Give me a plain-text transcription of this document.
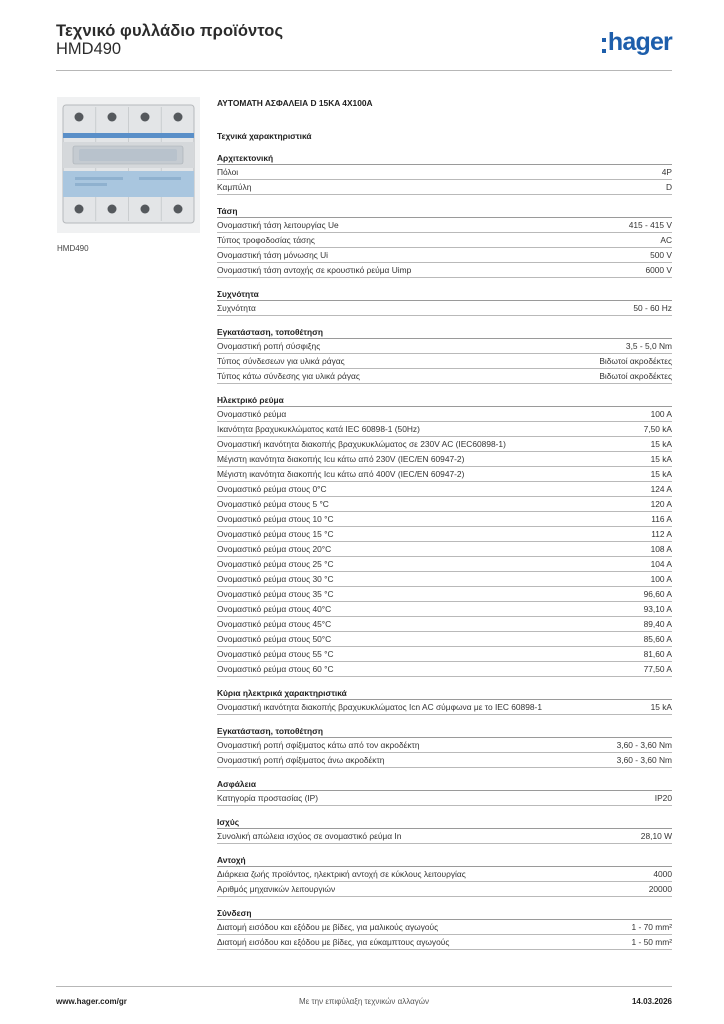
Τεχνικό φυλλάδιο προϊόντος
HMD490	hager
HMD490
ΑΥΤΟΜΑΤΗ ΑΣΦΑΛΕΙΑ D 15KA 4X100A
Τεχνικά χαρακτηριστικά
Αρχιτεκτονική
Πόλοι	4P
Καμπύλη	D
Τάση
Ονομαστική τάση λειτουργίας Ue	415 - 415 V
Τύπος τροφοδοσίας τάσης	AC
Ονομαστική τάση μόνωσης Ui	500 V
Ονομαστική τάση αντοχής σε κρουστικό ρεύμα Uimp	6000 V
Συχνότητα
Συχνότητα	50 - 60 Hz
Εγκατάσταση, τοποθέτηση
Ονομαστική ροπή σύσφιξης	3,5 - 5,0 Nm
Τύπος σύνδεσεων για υλικά ράγας	Βιδωτοί ακροδέκτες
Τύπος κάτω σύνδεσης για υλικά ράγας	Βιδωτοί ακροδέκτες
Ηλεκτρικό ρεύμα
Ονομαστικό ρεύμα	100 A
Ικανότητα βραχυκυκλώματος κατά IEC 60898-1 (50Hz)	7,50 kA
Ονομαστική ικανότητα διακοπής βραχυκυκλώματος σε 230V AC (IEC60898-1)	15 kA
Μέγιστη ικανότητα διακοπής Icu κάτω από 230V (IEC/EN 60947-2)	15 kA
Μέγιστη ικανότητα διακοπής Icu κάτω από 400V (IEC/EN 60947-2)	15 kA
Ονομαστικό ρεύμα στους 0°C	124 A
Ονομαστικό ρεύμα στους 5 °C	120 A
Ονομαστικό ρεύμα στους 10 °C	116 A
Ονομαστικό ρεύμα στους 15 °C	112 A
Ονομαστικό ρεύμα στους 20°C	108 A
Ονομαστικό ρεύμα στους 25 °C	104 A
Ονομαστικό ρεύμα στους 30 °C	100 A
Ονομαστικό ρεύμα στους 35 °C	96,60 A
Ονομαστικό ρεύμα στους 40°C	93,10 A
Ονομαστικό ρεύμα στους 45°C	89,40 A
Ονομαστικό ρεύμα στους 50°C	85,60 A
Ονομαστικό ρεύμα στους 55 °C	81,60 A
Ονομαστικό ρεύμα στους 60 °C	77,50 A
Κύρια ηλεκτρικά χαρακτηριστικά
Ονομαστική ικανότητα διακοπής βραχυκυκλώματος Icn AC σύμφωνα με το IEC 60898-1	15 kA
Εγκατάσταση, τοποθέτηση
Ονομαστική ροπή σφίξιματος κάτω από τον ακροδέκτη	3,60 - 3,60 Nm
Ονομαστική ροπή σφίξιματος άνω ακροδέκτη	3,60 - 3,60 Nm
Ασφάλεια
Κατηγορία προστασίας (IP)	IP20
Ισχύς
Συνολική απώλεια ισχύος σε ονομαστικό ρεύμα In	28,10 W
Αντοχή
Διάρκεια ζωής προϊόντος, ηλεκτρική αντοχή σε κύκλους λειτουργίας	4000
Αριθμός μηχανικών λειτουργιών	20000
Σύνδεση
Διατομή εισόδου και εξόδου με βίδες, για μαλικούς αγωγούς	1 - 70 mm²
Διατομή εισόδου και εξόδου με βίδες, για εύκαμπτους αγωγούς	1 - 50 mm²
www.hager.com/gr	Με την επιφύλαξη τεχνικών αλλαγών	14.03.2026
